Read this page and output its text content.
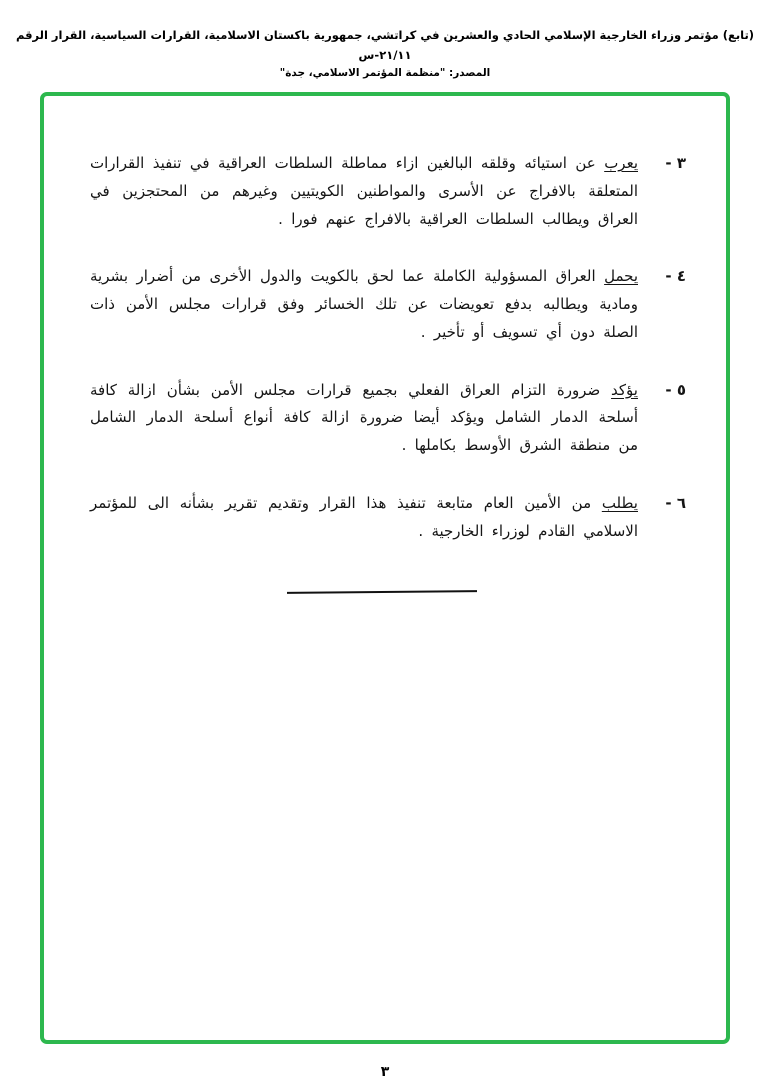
(تابع) مؤتمر وزراء الخارجية الإسلامي الحادي والعشرين في كراتشي، جمهورية باكستان الاسلامية، القرارات السياسية، القرار الرقم ٢١/١١-س
المصدر: "منظمة المؤتمر الاسلامي، جدة"
٣ -
يعرب عن استيائه وقلقه البالغين ازاء مماطلة السلطات العراقية في تنفيذ القرارات المتعلقة بالافراج عن الأسرى والمواطنين الكويتيين وغيرهم من المحتجزين في العراق ويطالب السلطات العراقية بالافراج عنهم فورا .
٤ -
يحمل العراق المسؤولية الكاملة عما لحق بالكويت والدول الأخرى من أضرار بشرية ومادية ويطالبه بدفع تعويضات عن تلك الخسائر وفق قرارات مجلس الأمن ذات الصلة دون أي تسويف أو تأخير .
٥ -
يؤكد ضرورة التزام العراق الفعلي بجميع قرارات مجلس الأمن بشأن ازالة كافة أسلحة الدمار الشامل ويؤكد أيضا ضرورة ازالة كافة أنواع أسلحة الدمار الشامل من منطقة الشرق الأوسط بكاملها .
٦ -
يطلب من الأمين العام متابعة تنفيذ هذا القرار وتقديم تقرير بشأنه الى للمؤتمر الاسلامي القادم لوزراء الخارجية .
٣
